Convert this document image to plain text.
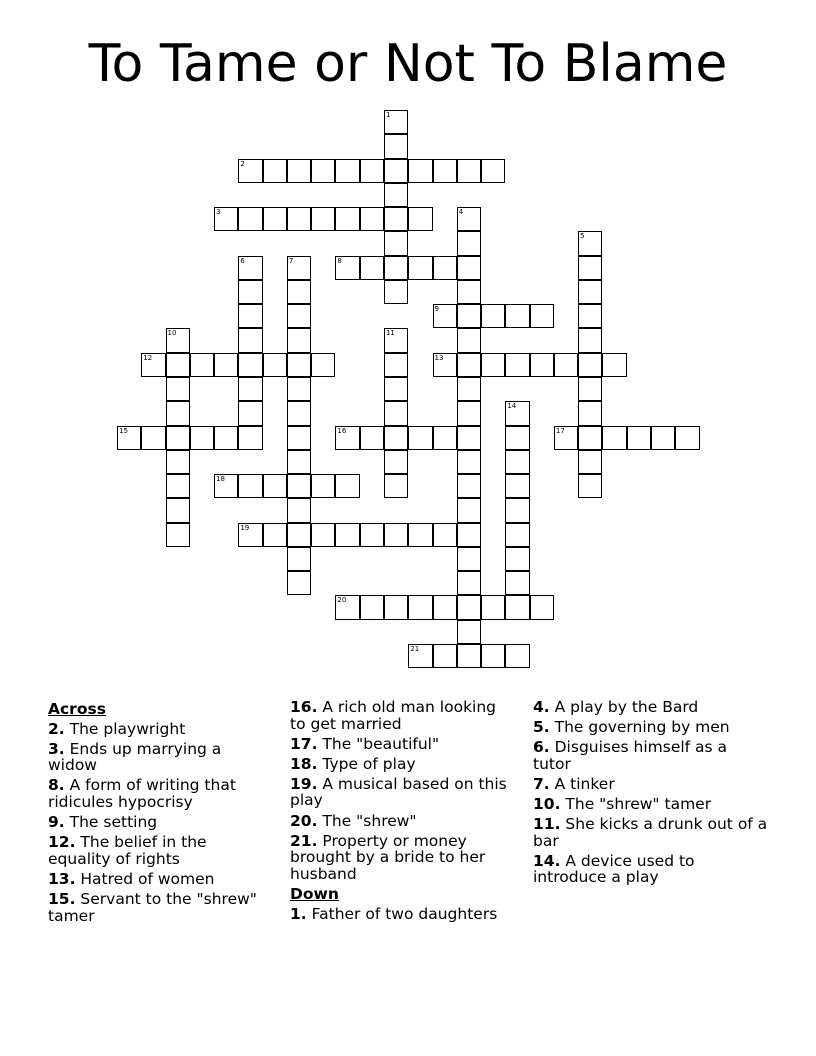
To Tame or Not To Blame
1
2
3	4
5
6	7	8
9
10	11
12	13
14
15	16	17
18
19
20
21
Across
2. The playwright
3. Ends up marrying a widow
8. A form of writing that ridicules hypocrisy
9. The setting
12. The belief in the equality of rights
13. Hatred of women
15. Servant to the "shrew" tamer
16. A rich old man looking to get married
17. The "beautiful"
18. Type of play
19. A musical based on this play
20. The "shrew"
21. Property or money brought by a bride to her husband
Down
1. Father of two daughters
4. A play by the Bard
5. The governing by men
6. Disguises himself as a tutor
7. A tinker
10. The "shrew" tamer
11. She kicks a drunk out of a bar
14. A device used to introduce a play
